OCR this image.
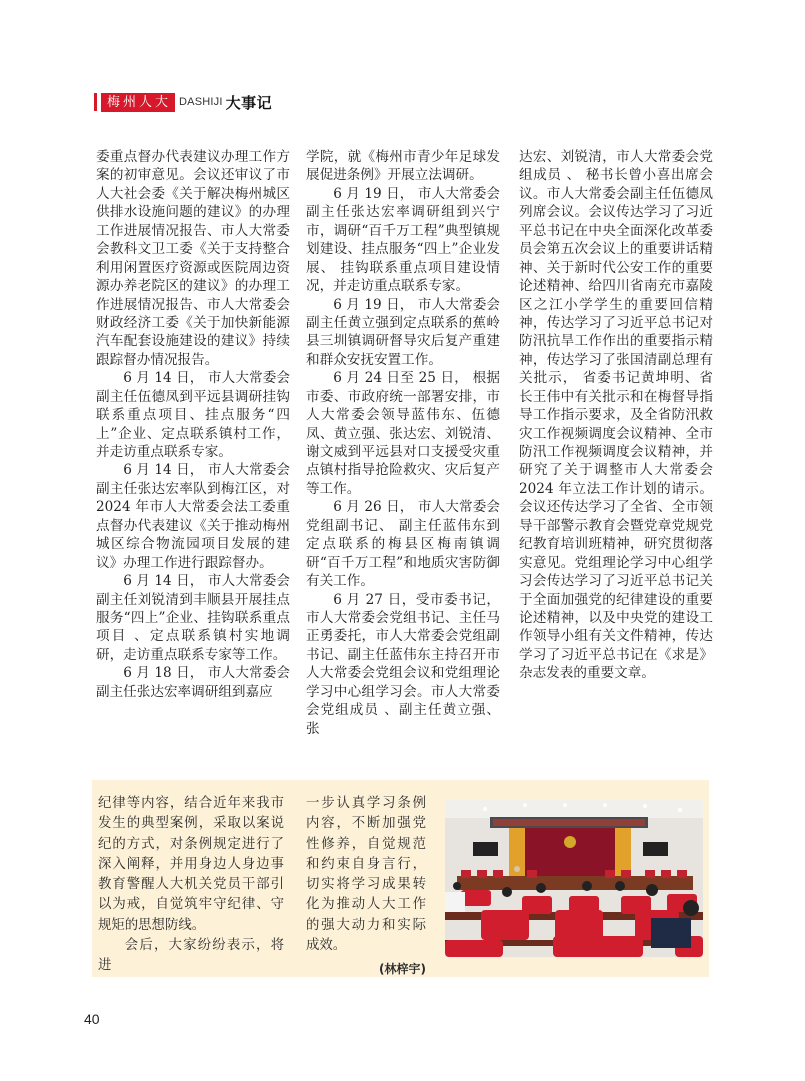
梅州人大 DASHIJI 大事记

委重点督办代表建议办理工作方案的初审意见。会议还审议了市人大社会委《关于解决梅州城区供排水设施问题的建议》的办理工作进展情况报告、市人大常委会教科文卫工委《关于支持整合利用闲置医疗资源或医院周边资源办养老院区的建议》的办理工作进展情况报告、市人大常委会财政经济工委《关于加快新能源汽车配套设施建设的建议》持续跟踪督办情况报告。

6 月 14 日， 市人大常委会副主任伍德凤到平远县调研挂钩联系重点项目、挂点服务“四上”企业、定点联系镇村工作，并走访重点联系专家。

6 月 14 日， 市人大常委会副主任张达宏率队到梅江区，对 2024 年市人大常委会法工委重点督办代表建议《关于推动梅州城区综合物流园项目发展的建议》办理工作进行跟踪督办。

6 月 14 日， 市人大常委会副主任刘锐清到丰顺县开展挂点服务“四上”企业、挂钩联系重点项目 、定点联系镇村实地调研，走访重点联系专家等工作。

6 月 18 日， 市人大常委会副主任张达宏率调研组到嘉应

学院，就《梅州市青少年足球发展促进条例》开展立法调研。

6 月 19 日， 市人大常委会副主任张达宏率调研组到兴宁市，调研“百千万工程”典型镇规划建设、挂点服务“四上”企业发展、 挂钩联系重点项目建设情况，并走访重点联系专家。

6 月 19 日， 市人大常委会副主任黄立强到定点联系的蕉岭县三圳镇调研督导灾后复产重建和群众安抚安置工作。

6 月 24 日至 25 日， 根据市委、市政府统一部署安排，市人大常委会领导蓝伟东、伍德凤、黄立强、张达宏、刘锐清、谢文威到平远县对口支援受灾重点镇村指导抢险救灾、灾后复产等工作。

6 月 26 日， 市人大常委会党组副书记、 副主任蓝伟东到定点联系的梅县区梅南镇调研“百千万工程”和地质灾害防御有关工作。

6 月 27 日，受市委书记，市人大常委会党组书记、主任马正勇委托，市人大常委会党组副书记、副主任蓝伟东主持召开市人大常委会党组会议和党组理论学习中心组学习会。市人大常委会党组成员 、副主任黄立强、张

达宏、刘锐清，市人大常委会党组成员 、 秘书长曾小喜出席会议。市人大常委会副主任伍德凤列席会议。会议传达学习了习近平总书记在中央全面深化改革委员会第五次会议上的重要讲话精神、关于新时代公安工作的重要论述精神、给四川省南充市嘉陵区之江小学学生的重要回信精神，传达学习了习近平总书记对防汛抗旱工作作出的重要指示精神，传达学习了张国清副总理有关批示， 省委书记黄坤明、省长王伟中有关批示和在梅督导指导工作指示要求，及全省防汛救灾工作视频调度会议精神、全市防汛工作视频调度会议精神，并研究了关于调整市人大常委会 2024 年立法工作计划的请示。会议还传达学习了全省、全市领导干部警示教育会暨党章党规党纪教育培训班精神，研究贯彻落实意见。党组理论学习中心组学习会传达学习了习近平总书记关于全面加强党的纪律建设的重要论述精神，以及中央党的建设工作领导小组有关文件精神，传达学习了习近平总书记在《求是》杂志发表的重要文章。

纪律等内容，结合近年来我市发生的典型案例，采取以案说纪的方式，对条例规定进行了深入阐释，并用身边人身边事教育警醒人大机关党员干部引以为戒，自觉筑牢守纪律、守规矩的思想防线。

会后，大家纷纷表示，将进

一步认真学习条例内容，不断加强党性修养，自觉规范和约束自身言行，切实将学习成果转化为推动人大工作的强大动力和实际成效。

(林梓宇)
40
